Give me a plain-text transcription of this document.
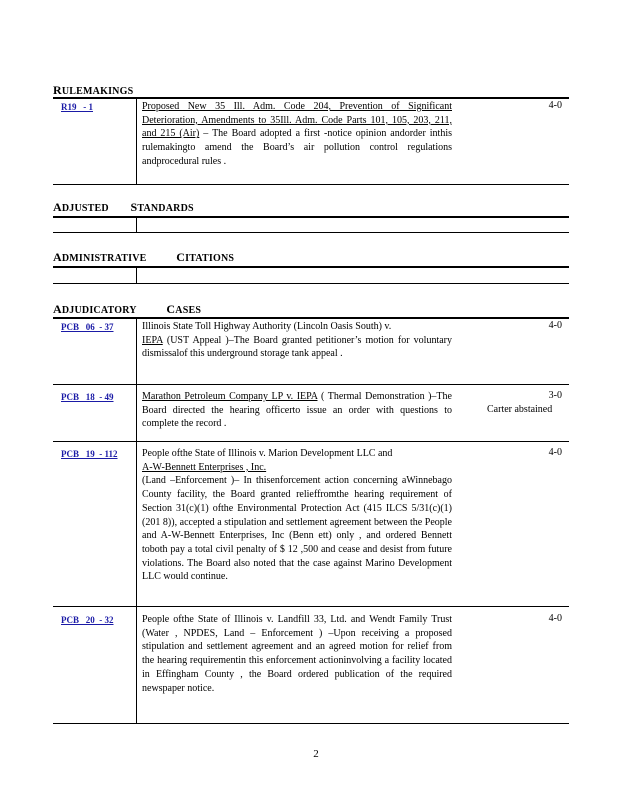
RULEMAKINGS
R19   - 1	Proposed New 35 Ill. Adm. Code 204, Prevention of Significant Deterioration, Amendments to 35Ill. Adm. Code Parts 101, 105, 203, 211, and 215 (Air) – The Board adopted a first -notice opinion andorder inthis rulemakingto amend the Board’s air pollution control regulations andprocedural rules .
4-0
ADJUSTED STANDARDS
ADMINISTRATIVE CITATIONS
ADJUDICATORY CASES
PCB   06  - 37	Illinois State Toll Highway Authority (Lincoln Oasis South) v.
IEPA (UST Appeal )–The Board granted petitioner’s motion for voluntary dismissalof this underground storage tank appeal .
4-0
PCB   18  - 49	Marathon Petroleum Company LP v. IEPA ( Thermal Demonstration )–The Board directed the hearing officerto issue an order with questions to complete the record .
3-0
Carter abstained
PCB   19  - 112 People ofthe State of Illinois v. Marion Development LLC and
A-W-Bennett Enterprises , Inc.
(Land –Enforcement )– In thisenforcement action concerning aWinnebago County facility, the Board granted relieffromthe hearing requirement of Section 31(c)(1) ofthe Environmental Protection Act (415 ILCS 5/31(c)(1) (201 8)), accepted a stipulation and settlement agreement between the People and A-W-Bennett Enterprises, Inc (Benn ett) only , and ordered Bennett toboth pay a total civil penalty of $ 12 ,500 and cease and desist from future violations. The Board also noted that the case against Marino Development LLC would continue.
4-0
PCB   20  - 32	People ofthe State of Illinois v. Landfill 33, Ltd. and Wendt Family Trust (Water , NPDES, Land – Enforcement ) –Upon receiving a proposed stipulation and settlement agreement and an agreed motion for relief from the hearing requirementin this enforcement actioninvolving a facility located in Effingham County , the Board ordered publication of the required newspaper notice.
4-0
2
